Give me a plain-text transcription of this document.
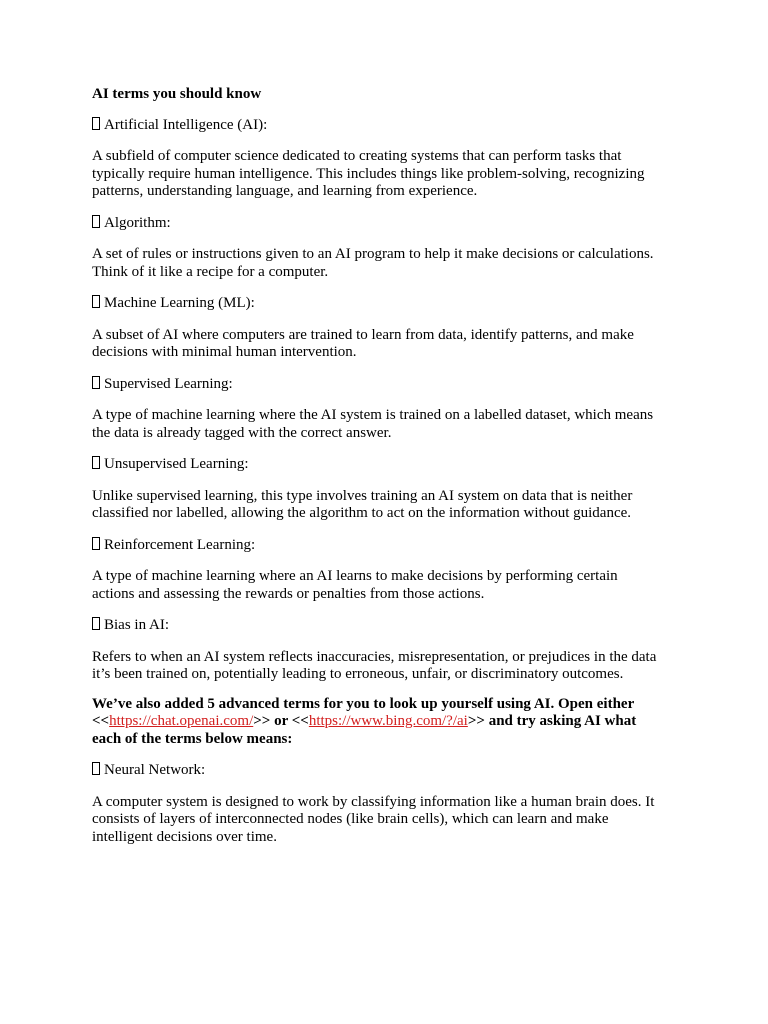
AI terms you should know

Artificial Intelligence (AI):

A subfield of computer science dedicated to creating systems that can perform tasks that
typically require human intelligence. This includes things like problem-solving, recognizing
patterns, understanding language, and learning from experience.

Algorithm:

A set of rules or instructions given to an AI program to help it make decisions or calculations.
Think of it like a recipe for a computer.

Machine Learning (ML):

A subset of AI where computers are trained to learn from data, identify patterns, and make
decisions with minimal human intervention.

Supervised Learning:

A type of machine learning where the AI system is trained on a labelled dataset, which means
the data is already tagged with the correct answer.

Unsupervised Learning:

Unlike supervised learning, this type involves training an AI system on data that is neither
classified nor labelled, allowing the algorithm to act on the information without guidance.

Reinforcement Learning:

A type of machine learning where an AI learns to make decisions by performing certain
actions and assessing the rewards or penalties from those actions.

Bias in AI:

Refers to when an AI system reflects inaccuracies, misrepresentation, or prejudices in the data
it’s been trained on, potentially leading to erroneous, unfair, or discriminatory outcomes.

We’ve also added 5 advanced terms for you to look up yourself using AI. Open either
<<https://chat.openai.com/>> or <<https://www.bing.com/?/ai>> and try asking AI what
each of the terms below means:

Neural Network:

A computer system is designed to work by classifying information like a human brain does. It
consists of layers of interconnected nodes (like brain cells), which can learn and make
intelligent decisions over time.
